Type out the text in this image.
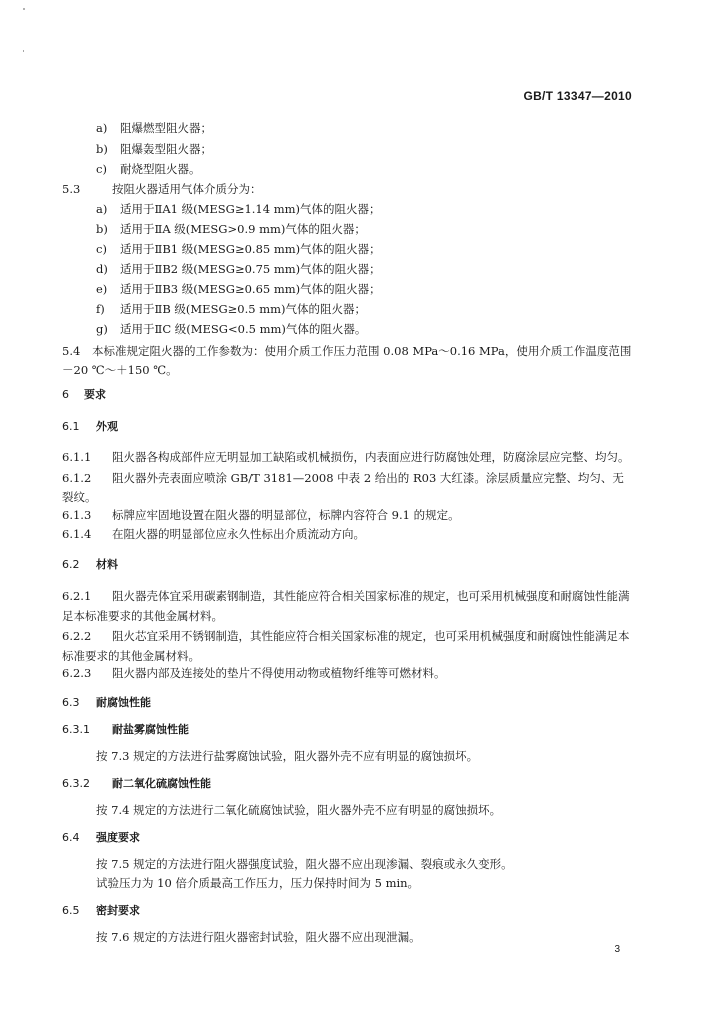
GB/T 13347—2010
a) 阻爆燃型阻火器；
b) 阻爆轰型阻火器；
c) 耐烧型阻火器。
5.3	按阻火器适用气体介质分为：
a) 适用于ⅡA1 级(MESG≥1.14 mm)气体的阻火器；
b) 适用于ⅡA 级(MESG>0.9 mm)气体的阻火器；
c) 适用于ⅡB1 级(MESG≥0.85 mm)气体的阻火器；
d) 适用于ⅡB2 级(MESG≥0.75 mm)气体的阻火器；
e) 适用于ⅡB3 级(MESG≥0.65 mm)气体的阻火器；
f) 适用于ⅡB 级(MESG≥0.5 mm)气体的阻火器；
g) 适用于ⅡC 级(MESG<0.5 mm)气体的阻火器。
5.4 本标准规定阻火器的工作参数为：使用介质工作压力范围 0.08 MPa～0.16 MPa，使用介质工作温度范围－20 ℃～＋150 ℃。
6 要求
6.1 外观
6.1.1 阻火器各构成部件应无明显加工缺陷或机械损伤，内表面应进行防腐蚀处理，防腐涂层应完整、均匀。
6.1.2 阻火器外壳表面应喷涂 GB/T 3181—2008 中表 2 给出的 R03 大红漆。涂层质量应完整、均匀、无裂纹。
6.1.3 标牌应牢固地设置在阻火器的明显部位，标牌内容符合 9.1 的规定。
6.1.4 在阻火器的明显部位应永久性标出介质流动方向。
6.2 材料
6.2.1 阻火器壳体宜采用碳素钢制造，其性能应符合相关国家标准的规定，也可采用机械强度和耐腐蚀性能满足本标准要求的其他金属材料。
6.2.2 阻火芯宜采用不锈钢制造，其性能应符合相关国家标准的规定，也可采用机械强度和耐腐蚀性能满足本标准要求的其他金属材料。
6.2.3 阻火器内部及连接处的垫片不得使用动物或植物纤维等可燃材料。
6.3 耐腐蚀性能
6.3.1 耐盐雾腐蚀性能
按 7.3 规定的方法进行盐雾腐蚀试验，阻火器外壳不应有明显的腐蚀损坏。
6.3.2 耐二氧化硫腐蚀性能
按 7.4 规定的方法进行二氧化硫腐蚀试验，阻火器外壳不应有明显的腐蚀损坏。
6.4 强度要求
按 7.5 规定的方法进行阻火器强度试验，阻火器不应出现渗漏、裂痕或永久变形。
试验压力为 10 倍介质最高工作压力，压力保持时间为 5 min。
6.5 密封要求
按 7.6 规定的方法进行阻火器密封试验，阻火器不应出现泄漏。
3
